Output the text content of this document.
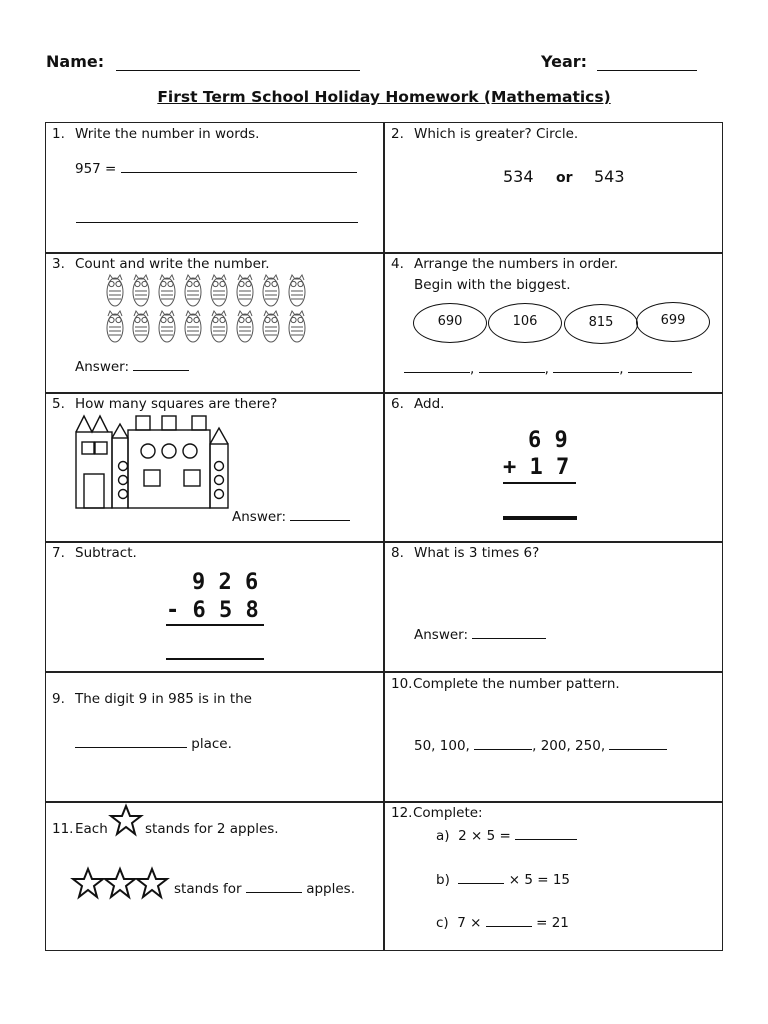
Name:	Year:
First Term School Holiday Homework (Mathematics)
1. Write the number in words.
957 =
2. Which is greater? Circle.
534 or 543
3. Count and write the number.
Answer:
4. Arrange the numbers in order.
Begin with the biggest.
690	106	815	699
,	,	,
5. How many squares are there?
Answer:
6. Add.
6 9
+ 1 7
7. Subtract.
9 2 6
- 6 5 8
8. What is 3 times 6?
Answer:
9. The digit 9 in 985 is in the
place.
10. Complete the number pattern.
50, 100,	, 200, 250,
11. Each	stands for 2 apples.
stands for	apples.
12. Complete:
a) 2 × 5 =
b)	× 5 = 15
c) 7 ×	= 21
